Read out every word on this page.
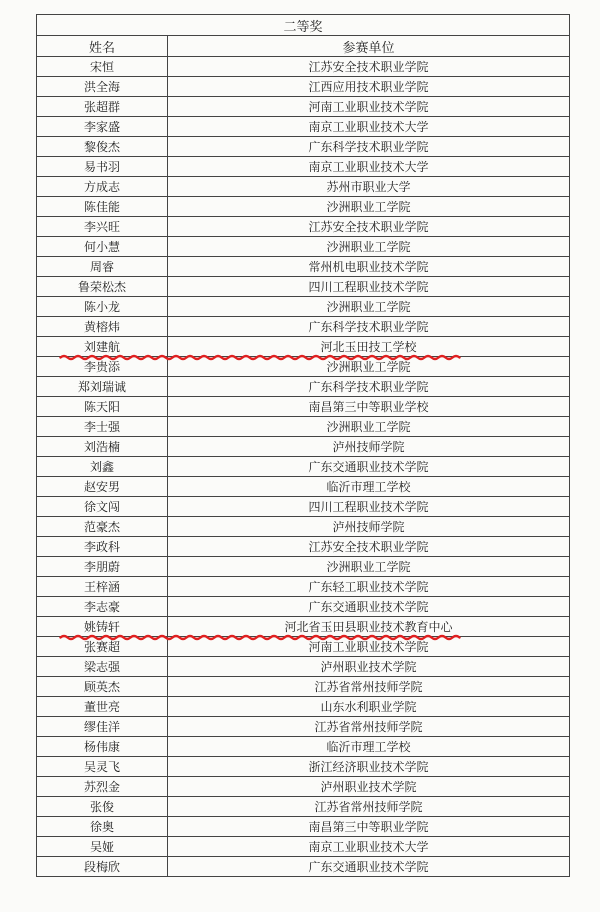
二等奖	
姓名	参赛单位
宋恒	江苏安全技术职业学院
洪全海	江西应用技术职业学院
张超群	河南工业职业技术学院
李家盛	南京工业职业技术大学
黎俊杰	广东科学技术职业学院
易书羽	南京工业职业技术大学
方成志	苏州市职业大学
陈佳能	沙洲职业工学院
李兴旺	江苏安全技术职业学院
何小慧	沙洲职业工学院
周睿	常州机电职业技术学院
鲁荣松杰	四川工程职业技术学院
陈小龙	沙洲职业工学院
黄榕炜	广东科学技术职业学院
刘建航	河北玉田技工学校
李贵添	沙洲职业工学院
郑刘瑞诚	广东科学技术职业学院
陈天阳	南昌第三中等职业学校
李士强	沙洲职业工学院
刘浩楠	泸州技师学院
刘鑫	广东交通职业技术学院
赵安男	临沂市理工学校
徐文闯	四川工程职业技术学院
范豪杰	泸州技师学院
李政科	江苏安全技术职业学院
李朋蔚	沙洲职业工学院
王梓涵	广东轻工职业技术学院
李志豪	广东交通职业技术学院
姚铸轩	河北省玉田县职业技术教育中心
张赛超	河南工业职业技术学院
梁志强	泸州职业技术学院
顾英杰	江苏省常州技师学院
董世亮	山东水利职业学院
缪佳洋	江苏省常州技师学院
杨伟康	临沂市理工学校
吴灵飞	浙江经济职业技术学院
苏烈金	泸州职业技术学院
张俊	江苏省常州技师学院
徐奥	南昌第三中等职业学院
吴娅	南京工业职业技术大学
段梅欣	广东交通职业技术学院
